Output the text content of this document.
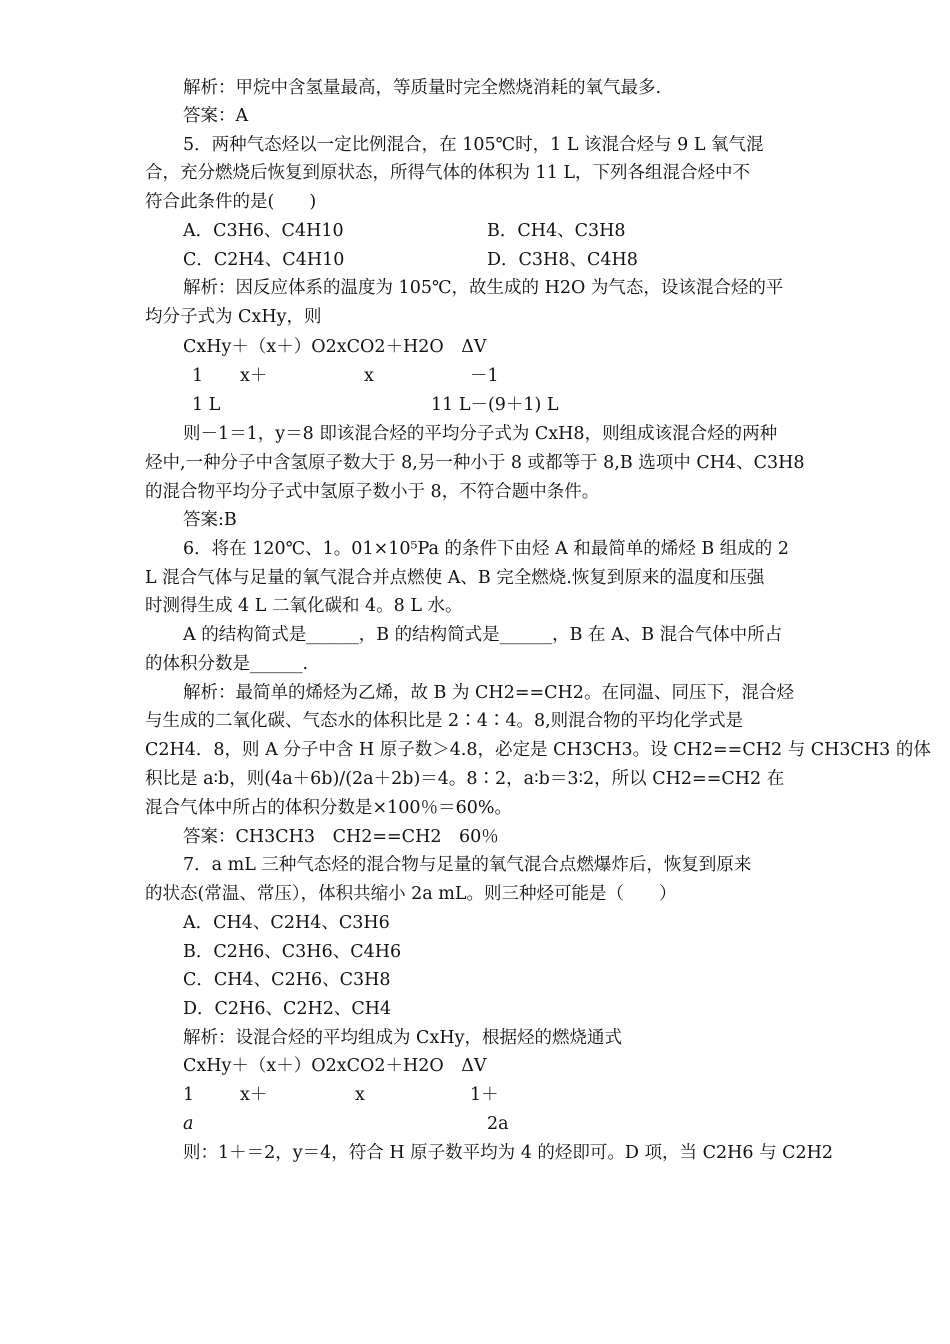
解析：甲烷中含氢量最高，等质量时完全燃烧消耗的氧气最多.
答案：A
5．两种气态烃以一定比例混合，在 105℃时，1 L 该混合烃与 9 L 氧气混
合，充分燃烧后恢复到原状态，所得气体的体积为 11 L，下列各组混合烃中不
符合此条件的是(　　)
A．C3H6、C4H10	B．CH4、C3H8
C．C2H4、C4H10	D．C3H8、C4H8
解析：因反应体系的温度为 105℃，故生成的 H2O 为气态，设该混合烃的平
均分子式为 CxHy，则
CxHy＋（x＋）O2xCO2＋H2O　ΔV
1 x＋	x	－1
1 L	11 L－(9＋1) L
则－1＝1，y＝8 即该混合烃的平均分子式为 CxH8，则组成该混合烃的两种
烃中,一种分子中含氢原子数大于 8,另一种小于 8 或都等于 8,B 选项中 CH4、C3H8
的混合物平均分子式中氢原子数小于 8，不符合题中条件。
答案:B
6．将在 120℃、1。01×10⁵Pa 的条件下由烃 A 和最简单的烯烃 B 组成的 2
L 混合气体与足量的氧气混合并点燃使 A、B 完全燃烧.恢复到原来的温度和压强
时测得生成 4 L 二氧化碳和 4。8 L 水。
A 的结构简式是______，B 的结构简式是______，B 在 A、B 混合气体中所占
的体积分数是______.
解析：最简单的烯烃为乙烯，故 B 为 CH2==CH2。在同温、同压下，混合烃
与生成的二氧化碳、气态水的体积比是 2∶4∶4。8,则混合物的平均化学式是
C2H4．8，则 A 分子中含 H 原子数＞4.8，必定是 CH3CH3。设 CH2==CH2 与 CH3CH3 的体
积比是 a∶b，则(4a＋6b)/(2a＋2b)＝4。8∶2，a∶b＝3∶2，所以 CH2==CH2 在
混合气体中所占的体积分数是×100％＝60%。
答案：CH3CH3　CH2==CH2　60％
7．a mL 三种气态烃的混合物与足量的氧气混合点燃爆炸后，恢复到原来
的状态(常温、常压），体积共缩小 2a mL。则三种烃可能是（　　）
A．CH4、C2H4、C3H6
B．C2H6、C3H6、C4H6
C．CH4、C2H6、C3H8
D．C2H6、C2H2、CH4
解析：设混合烃的平均组成为 CxHy，根据烃的燃烧通式
CxHy＋（x＋）O2xCO2＋H2O　ΔV
1	x＋	x	1＋
a	2a
则：1＋＝2，y＝4，符合 H 原子数平均为 4 的烃即可。D 项，当 C2H6 与 C2H2
